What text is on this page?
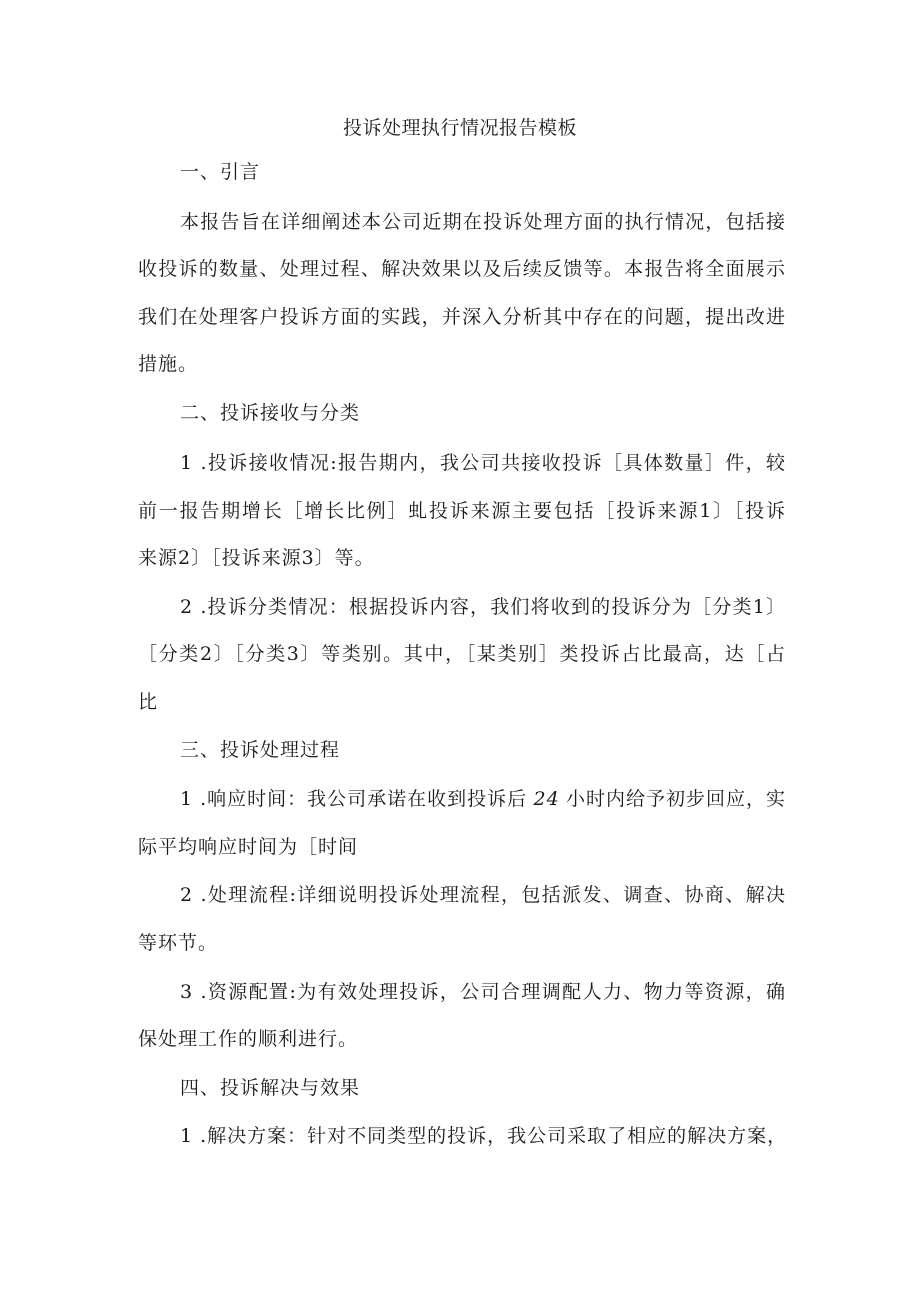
投诉处理执行情况报告模板
一、引言
本报告旨在详细阐述本公司近期在投诉处理方面的执行情况，包括接
收投诉的数量、处理过程、解决效果以及后续反馈等。本报告将全面展示
我们在处理客户投诉方面的实践，并深入分析其中存在的问题，提出改进
措施。
二、投诉接收与分类
1 .投诉接收情况:报告期内，我公司共接收投诉［具体数量］件，较
前一报告期增长［增长比例］虬投诉来源主要包括［投诉来源1〕［投诉
来源2〕［投诉来源3〕等。
2 .投诉分类情况：根据投诉内容，我们将收到的投诉分为［分类1〕
［分类2〕［分类3〕等类别。其中，［某类别］类投诉占比最高，达［占
比
三、投诉处理过程
1 .响应时间：我公司承诺在收到投诉后 24 小时内给予初步回应，实
际平均响应时间为［时间
2 .处理流程:详细说明投诉处理流程，包括派发、调查、协商、解决
等环节。
3 .资源配置:为有效处理投诉，公司合理调配人力、物力等资源，确
保处理工作的顺利进行。
四、投诉解决与效果
1 .解决方案：针对不同类型的投诉，我公司采取了相应的解决方案，
